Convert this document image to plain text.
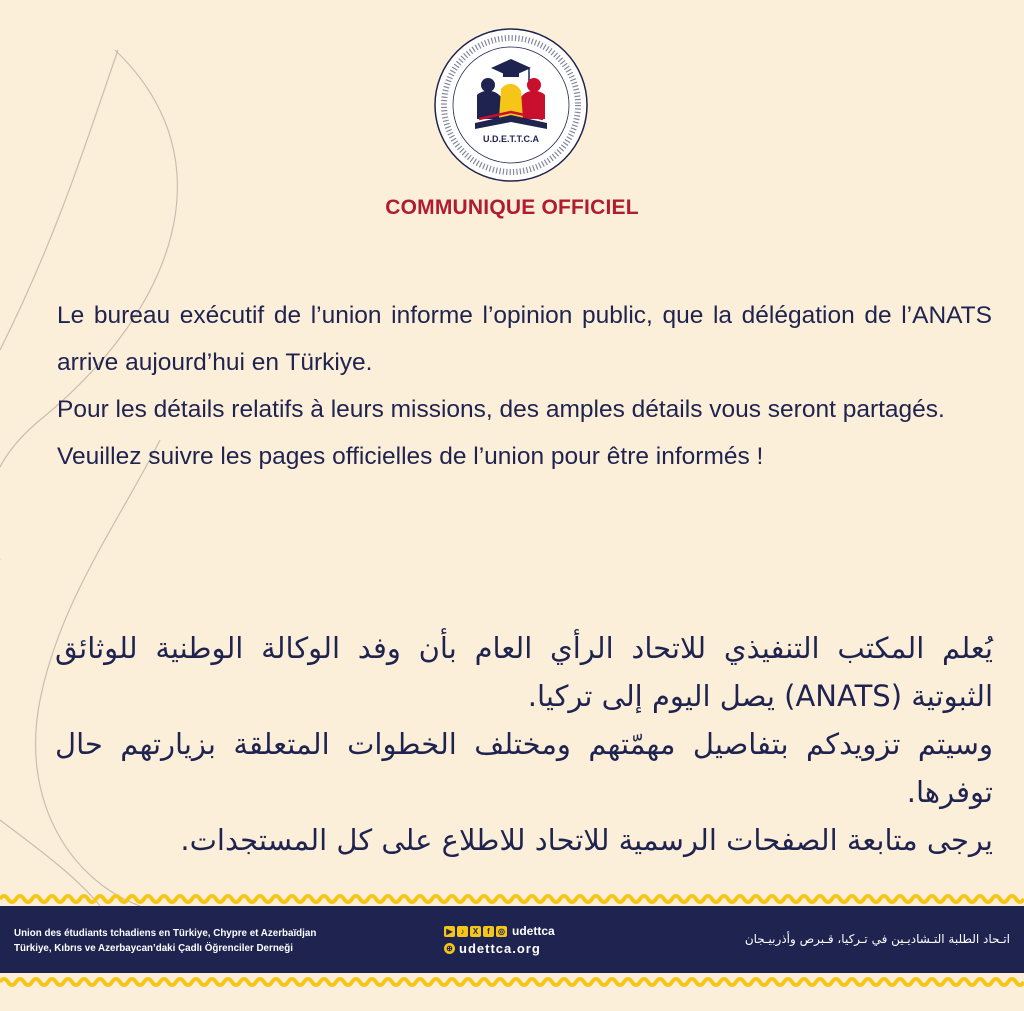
U.D.E.T.T.C.A
COMMUNIQUE OFFICIEL

Le bureau exécutif de l’union informe l’opinion public, que la délégation de l’ANATS arrive aujourd’hui en Türkiye.

Pour les détails relatifs à leurs missions, des amples détails vous seront partagés.

Veuillez suivre les pages officielles de l’union pour être informés !

يُعلم المكتب التنفيذي للاتحاد الرأي العام بأن وفد الوكالة الوطنية للوثائق الثبوتية (ANATS) يصل اليوم إلى تركيا.

وسيتم تزويدكم بتفاصيل مهمّتهم ومختلف الخطوات المتعلقة بزيارتهم حال توفرها.

يرجى متابعة الصفحات الرسمية للاتحاد للاطلاع على كل المستجدات.

Union des étudiants tchadiens en Türkiye, Chypre et Azerbaïdjan
Türkiye, Kıbrıs ve Azerbaycan’daki Çadlı Öğrenciler Derneği
▶ ♪	X	f	◎ udettca
⊕ udettca.org
اتـحاد الطلبة التـشاديـين في تـركيا، قـبرص وأذربيـجان
